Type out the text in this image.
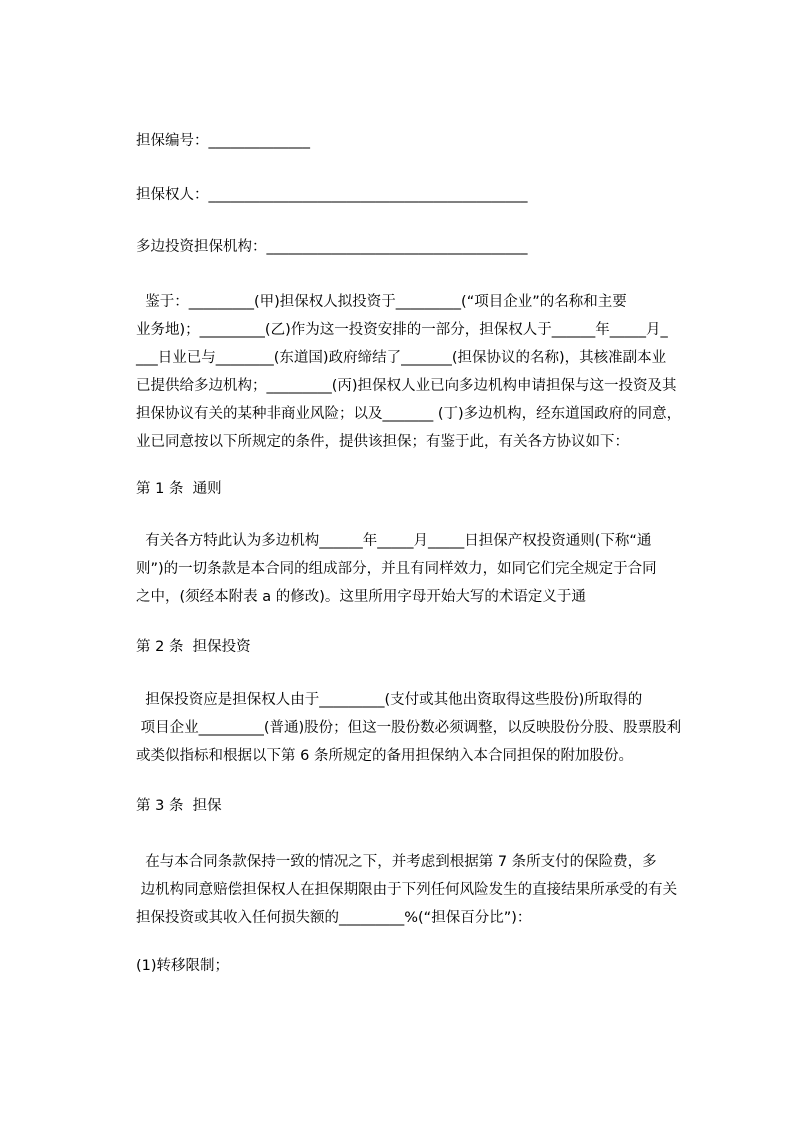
担保编号：______________
担保权人：____________________________________________
多边投资担保机构：____________________________________

鉴于：_________(甲)担保权人拟投资于_________(“项目企业”的名称和主要

业务地)；_________(乙)作为这一投资安排的一部分，担保权人于______年_____月_

___日业已与________(东道国)政府缔结了_______(担保协议的名称)，其核准副本业

已提供给多边机构；_________(丙)担保权人业已向多边机构申请担保与这一投资及其

担保协议有关的某种非商业风险；以及_______ (丁)多边机构，经东道国政府的同意，

业已同意按以下所规定的条件，提供该担保；有鉴于此，有关各方协议如下：

第 1 条  通则

有关各方特此认为多边机构______年_____月_____日担保产权投资通则(下称“通

则”)的一切条款是本合同的组成部分，并且有同样效力，如同它们完全规定于合同

之中，(须经本附表 a 的修改)。这里所用字母开始大写的术语定义于通

第 2 条  担保投资

担保投资应是担保权人由于_________(支付或其他出资取得这些股份)所取得的

项目企业_________(普通)股份；但这一股份数必须调整，以反映股份分股、股票股利

或类似指标和根据以下第 6 条所规定的备用担保纳入本合同担保的附加股份。

第 3 条  担保

在与本合同条款保持一致的情况之下，并考虑到根据第 7 条所支付的保险费，多

边机构同意赔偿担保权人在担保期限由于下列任何风险发生的直接结果所承受的有关

担保投资或其收入任何损失额的_________%(“担保百分比”)：

(1)转移限制；
